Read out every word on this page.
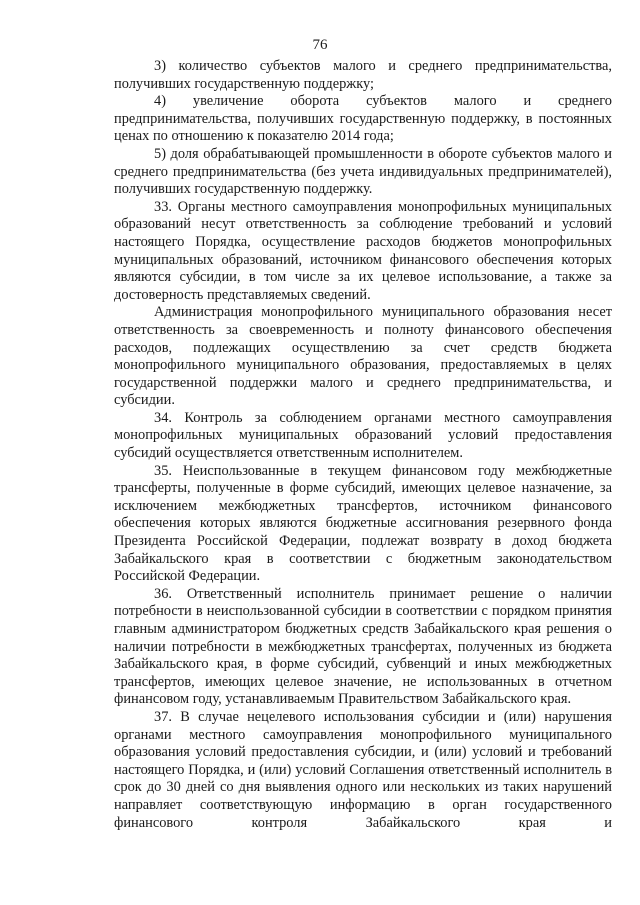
76

3) количество субъектов малого и среднего предпринимательства, получивших государственную поддержку;

4) увеличение оборота субъектов малого и среднего предпринимательства, получивших государственную поддержку, в постоянных ценах по отношению к показателю 2014 года;

5) доля обрабатывающей промышленности в обороте субъектов малого и среднего предпринимательства (без учета индивидуальных предпринимателей), получивших государственную поддержку.

33. Органы местного самоуправления монопрофильных муниципальных образований несут ответственность за соблюдение требований и условий настоящего Порядка, осуществление расходов бюджетов монопрофильных муниципальных образований, источником финансового обеспечения которых являются субсидии, в том числе за их целевое использование, а также за достоверность представляемых сведений.

Администрация монопрофильного муниципального образования несет ответственность за своевременность и полноту финансового обеспечения расходов, подлежащих осуществлению за счет средств бюджета монопрофильного муниципального образования, предоставляемых в целях государственной поддержки малого и среднего предпринимательства, и субсидии.

34. Контроль за соблюдением органами местного самоуправления монопрофильных муниципальных образований условий предоставления субсидий осуществляется ответственным исполнителем.

35. Неиспользованные в текущем финансовом году межбюджетные трансферты, полученные в форме субсидий, имеющих целевое назначение, за исключением межбюджетных трансфертов, источником финансового обеспечения которых являются бюджетные ассигнования резервного фонда Президента Российской Федерации, подлежат возврату в доход бюджета Забайкальского края в соответствии с бюджетным законодательством Российской Федерации.

36. Ответственный исполнитель принимает решение о наличии потребности в неиспользованной субсидии в соответствии с порядком принятия главным администратором бюджетных средств Забайкальского края решения о наличии потребности в межбюджетных трансфертах, полученных из бюджета Забайкальского края, в форме субсидий, субвенций и иных межбюджетных трансфертов, имеющих целевое значение, не использованных в отчетном финансовом году, устанавливаемым Правительством Забайкальского края.

37. В случае нецелевого использования субсидии и (или) нарушения органами местного самоуправления монопрофильного муниципального образования условий предоставления субсидии, и (или) условий и требований настоящего Порядка, и (или) условий Соглашения ответственный исполнитель в срок до 30 дней со дня выявления одного или нескольких из таких нарушений направляет соответствующую информацию в орган государственного финансового контроля Забайкальского края и
